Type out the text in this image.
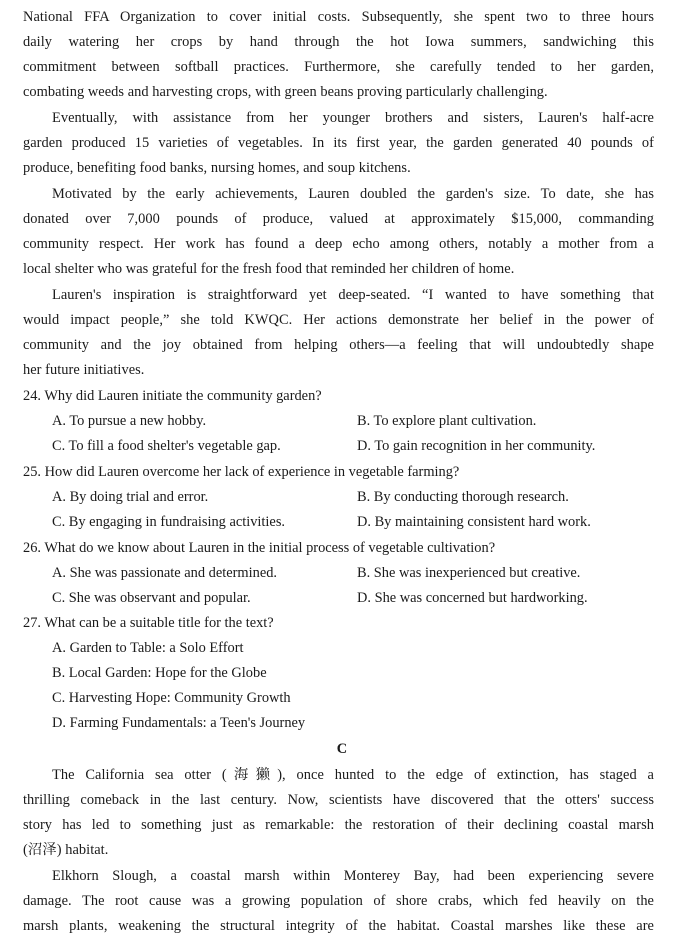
National FFA Organization to cover initial costs. Subsequently, she spent two to three hours
daily watering her crops by hand through the hot Iowa summers, sandwiching this
commitment between softball practices. Furthermore, she carefully tended to her garden,
combating weeds and harvesting crops, with green beans proving particularly challenging.
Eventually, with assistance from her younger brothers and sisters, Lauren's half-acre
garden produced 15 varieties of vegetables. In its first year, the garden generated 40 pounds of
produce, benefiting food banks, nursing homes, and soup kitchens.
Motivated by the early achievements, Lauren doubled the garden's size. To date, she has
donated over 7,000 pounds of produce, valued at approximately $15,000, commanding
community respect. Her work has found a deep echo among others, notably a mother from a
local shelter who was grateful for the fresh food that reminded her children of home.
Lauren's inspiration is straightforward yet deep-seated. “I wanted to have something that
would impact people,” she told KWQC. Her actions demonstrate her belief in the power of
community and the joy obtained from helping others—a feeling that will undoubtedly shape
her future initiatives.
24. Why did Lauren initiate the community garden?
A. To pursue a new hobby.	B. To explore plant cultivation.
C. To fill a food shelter's vegetable gap.	D. To gain recognition in her community.
25. How did Lauren overcome her lack of experience in vegetable farming?
A. By doing trial and error.	B. By conducting thorough research.
C. By engaging in fundraising activities.	D. By maintaining consistent hard work.
26. What do we know about Lauren in the initial process of vegetable cultivation?
A. She was passionate and determined.	B. She was inexperienced but creative.
C. She was observant and popular.	D. She was concerned but hardworking.
27. What can be a suitable title for the text?
A. Garden to Table: a Solo Effort
B. Local Garden: Hope for the Globe
C. Harvesting Hope: Community Growth
D. Farming Fundamentals: a Teen's Journey
C
The California sea otter (海獭), once hunted to the edge of extinction, has staged a
thrilling comeback in the last century. Now, scientists have discovered that the otters' success
story has led to something just as remarkable: the restoration of their declining coastal marsh
(沼泽) habitat.
Elkhorn Slough, a coastal marsh within Monterey Bay, had been experiencing severe
damage. The root cause was a growing population of shore crabs, which fed heavily on the
marsh plants, weakening the structural integrity of the habitat. Coastal marshes like these are
